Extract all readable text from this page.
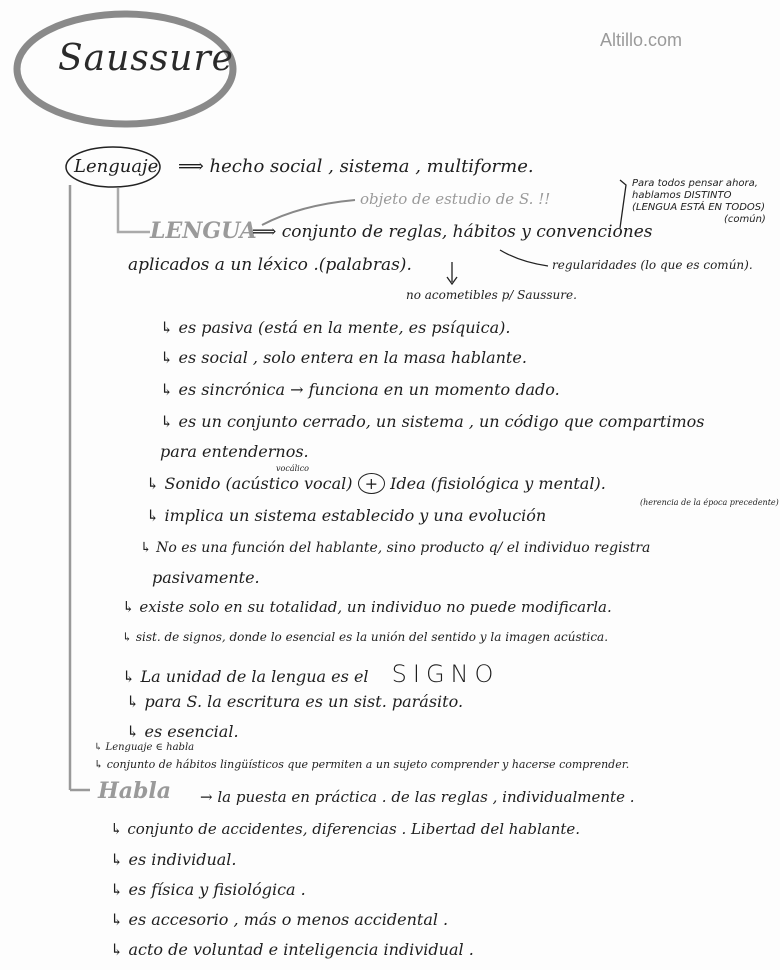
Saussure	Altillo.com
Para todos pensar ahora,
hablamos DISTINTO
(LENGUA ESTÁ EN TODOS)
(común)
Lenguaje ⟹ hecho social , sistema , multiforme.
objeto de estudio de S. !!
LENGUA
⟹ conjunto de reglas, hábitos y convenciones
aplicados a un léxico .(palabras).	regularidades (lo que es común).
no acometibles p/ Saussure.
↳ es pasiva (está en la mente, es psíquica).
↳ es social , solo entera en la masa hablante.
↳ es sincrónica → funciona en un momento dado.
↳ es un conjunto cerrado, un sistema , un código que compartimos
para entendernos.
↳ Sonido (acústico vocal) + Idea (fisiológica y mental).
vocálico
↳ implica un sistema establecido y una evolución
(herencia de la época precedente)
↳ No es una función del hablante, sino producto q/ el individuo registra
pasivamente.
↳ existe solo en su totalidad, un individuo no puede modificarla.
↳ sist. de signos, donde lo esencial es la unión del sentido y la imagen acústica.
↳ La unidad de la lengua es el SIGNO
↳ para S. la escritura es un sist. parásito.
↳ es esencial.
↳ Lenguaje ∈ habla
↳ conjunto de hábitos lingüísticos que permiten a un sujeto comprender y hacerse comprender.
Habla → la puesta en práctica . de las reglas , individualmente .
↳ conjunto de accidentes, diferencias . Libertad del hablante.
↳ es individual.
↳ es física y fisiológica .
↳ es accesorio , más o menos accidental .
↳ acto de voluntad e inteligencia individual .
